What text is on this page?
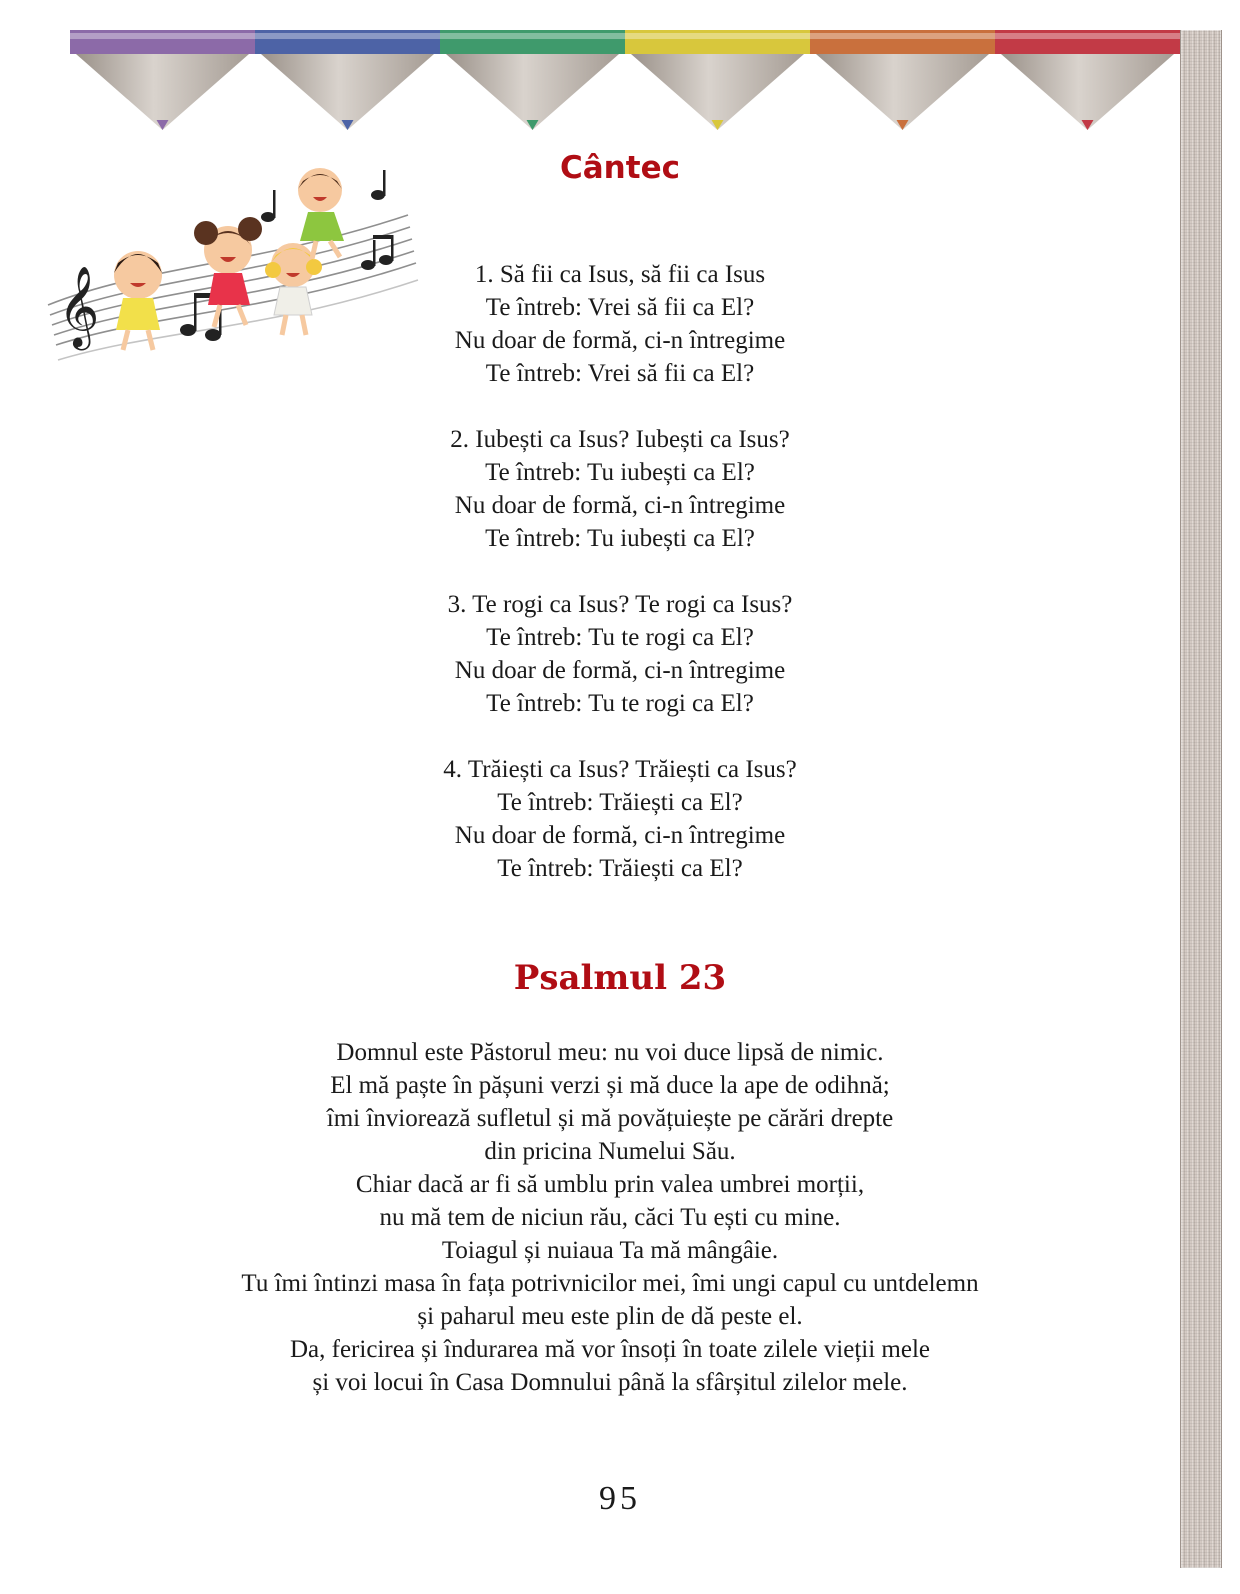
𝄞
Cântec
1. Să fii ca Isus, să fii ca Isus
Te întreb: Vrei să fii ca El?
Nu doar de formă, ci-n întregime
Te întreb: Vrei să fii ca El?
2. Iubești ca Isus? Iubești ca Isus?
Te întreb: Tu iubești ca El?
Nu doar de formă, ci-n întregime
Te întreb: Tu iubești ca El?
3. Te rogi ca Isus? Te rogi ca Isus?
Te întreb: Tu te rogi ca El?
Nu doar de formă, ci-n întregime
Te întreb: Tu te rogi ca El?
4. Trăiești ca Isus? Trăiești ca Isus?
Te întreb: Trăiești ca El?
Nu doar de formă, ci-n întregime
Te întreb: Trăiești ca El?
Psalmul 23
Domnul este Păstorul meu: nu voi duce lipsă de nimic.
El mă paște în pășuni verzi și mă duce la ape de odihnă;
îmi înviorează sufletul și mă povățuiește pe cărări drepte
din pricina Numelui Său.
Chiar dacă ar fi să umblu prin valea umbrei morții,
nu mă tem de niciun rău, căci Tu ești cu mine.
Toiagul și nuiaua Ta mă mângâie.
Tu îmi întinzi masa în fața potrivnicilor mei, îmi ungi capul cu untdelemn
și paharul meu este plin de dă peste el.
Da, fericirea și îndurarea mă vor însoți în toate zilele vieții mele
și voi locui în Casa Domnului până la sfârșitul zilelor mele.
95
